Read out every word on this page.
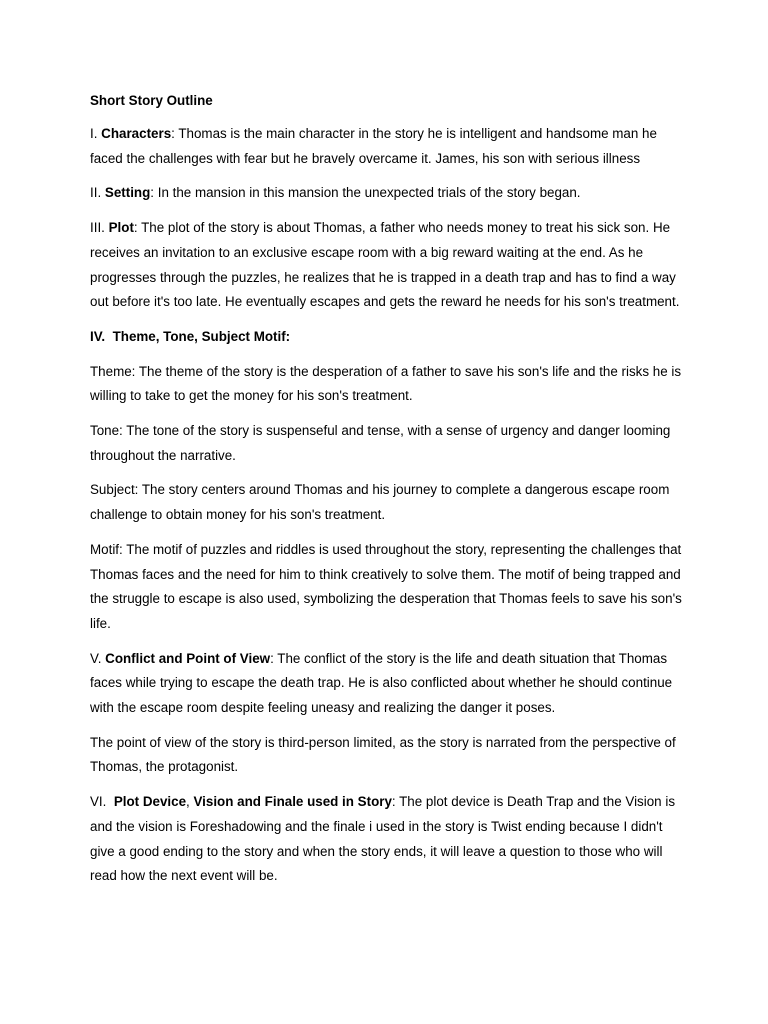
Short Story Outline
I. Characters: Thomas is the main character in the story he is intelligent and handsome man he faced the challenges with fear but he bravely overcame it. James, his son with serious illness
II. Setting: In the mansion in this mansion the unexpected trials of the story began.
III. Plot: The plot of the story is about Thomas, a father who needs money to treat his sick son. He receives an invitation to an exclusive escape room with a big reward waiting at the end. As he progresses through the puzzles, he realizes that he is trapped in a death trap and has to find a way out before it's too late. He eventually escapes and gets the reward he needs for his son's treatment.
IV.  Theme, Tone, Subject Motif:
Theme: The theme of the story is the desperation of a father to save his son's life and the risks he is willing to take to get the money for his son's treatment.
Tone: The tone of the story is suspenseful and tense, with a sense of urgency and danger looming throughout the narrative.
Subject: The story centers around Thomas and his journey to complete a dangerous escape room challenge to obtain money for his son's treatment.
Motif: The motif of puzzles and riddles is used throughout the story, representing the challenges that Thomas faces and the need for him to think creatively to solve them. The motif of being trapped and the struggle to escape is also used, symbolizing the desperation that Thomas feels to save his son's life.
V. Conflict and Point of View: The conflict of the story is the life and death situation that Thomas faces while trying to escape the death trap. He is also conflicted about whether he should continue with the escape room despite feeling uneasy and realizing the danger it poses.
The point of view of the story is third-person limited, as the story is narrated from the perspective of Thomas, the protagonist.
VI.  Plot Device, Vision and Finale used in Story: The plot device is Death Trap and the Vision is and the vision is Foreshadowing and the finale i used in the story is Twist ending because I didn't give a good ending to the story and when the story ends, it will leave a question to those who will read how the next event will be.
